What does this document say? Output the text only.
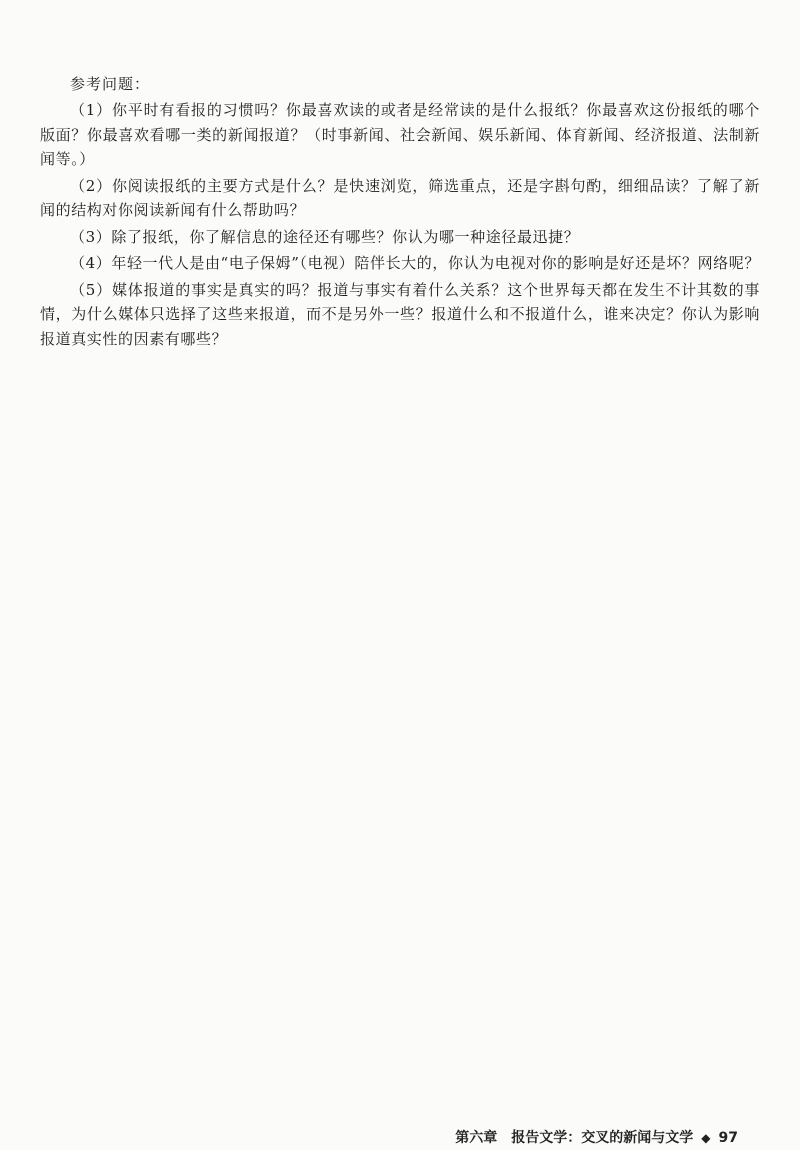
参考问题：

（1）你平时有看报的习惯吗？你最喜欢读的或者是经常读的是什么报纸？你最喜欢这份报纸的哪个版面？你最喜欢看哪一类的新闻报道？（时事新闻、社会新闻、娱乐新闻、体育新闻、经济报道、法制新闻等。）

（2）你阅读报纸的主要方式是什么？是快速浏览，筛选重点，还是字斟句酌，细细品读？了解了新闻的结构对你阅读新闻有什么帮助吗？

（3）除了报纸，你了解信息的途径还有哪些？你认为哪一种途径最迅捷？

（4）年轻一代人是由“电子保姆”（电视）陪伴长大的，你认为电视对你的影响是好还是坏？网络呢？

（5）媒体报道的事实是真实的吗？报道与事实有着什么关系？这个世界每天都在发生不计其数的事情，为什么媒体只选择了这些来报道，而不是另外一些？报道什么和不报道什么，谁来决定？你认为影响报道真实性的因素有哪些？

第六章 报告文学：交叉的新闻与文学 ◆ 97
